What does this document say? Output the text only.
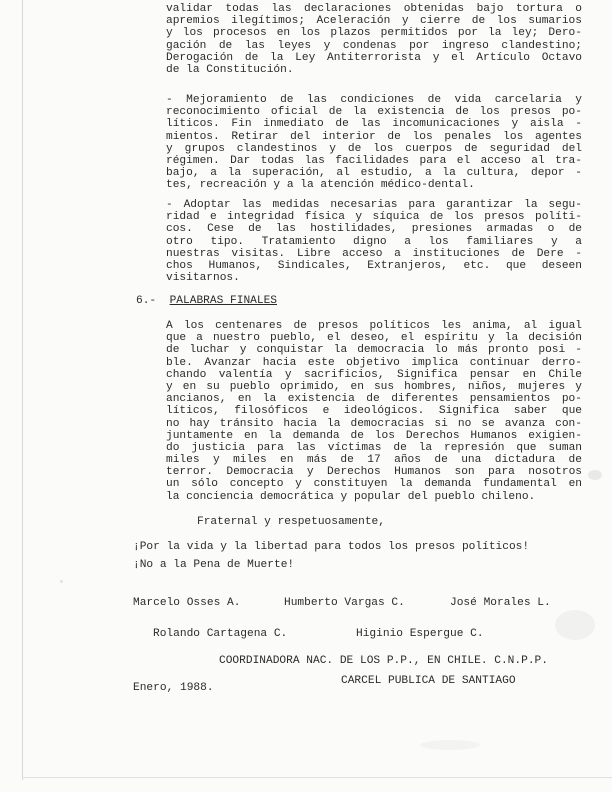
validar todas las declaraciones obtenidas bajo tortura o
apremios ilegítimos; Aceleración y cierre de los sumarios
y los procesos en los plazos permitidos por la ley; Dero-
gación de las leyes y condenas por ingreso clandestino;
Derogación de la Ley Antiterrorista y el Artículo Octavo
de la Constitución.
- Mejoramiento de las condiciones de vida carcelaria y
reconocimiento oficial de la existencia de los presos po-
líticos. Fin inmediato de las incomunicaciones y aisla -
mientos. Retirar del interior de los penales los agentes
y grupos clandestinos y de los cuerpos de seguridad del
régimen. Dar todas las facilidades para el acceso al tra-
bajo, a la superación, al estudio, a la cultura, depor -
tes, recreación y a la atención médico-dental.
- Adoptar las medidas necesarias para garantizar la segu-
ridad e integridad física y síquica de los presos políti-
cos. Cese de las hostilidades, presiones armadas o de
otro tipo. Tratamiento digno a los familiares y a
nuestras visitas. Libre acceso a instituciones de Dere -
chos Humanos, Sindicales, Extranjeros, etc. que deseen
visitarnos.
6.- PALABRAS FINALES
A los centenares de presos políticos les anima, al igual
que a nuestro pueblo, el deseo, el espíritu y la decisión
de luchar y conquistar la democracia lo más pronto posi -
ble. Avanzar hacia este objetivo implica continuar derro-
chando valentía y sacrificios, Significa pensar en Chile
y en su pueblo oprimido, en sus hombres, niños, mujeres y
ancianos, en la existencia de diferentes pensamientos po-
líticos, filosóficos e ideológicos. Significa saber que
no hay tránsito hacia la democracias si no se avanza con-
juntamente en la demanda de los Derechos Humanos exigien-
do justicia para las víctimas de la represión que suman
miles y miles en más de 17 años de una dictadura de
terror. Democracia y Derechos Humanos son para nosotros
un sólo concepto y constituyen la demanda fundamental en
la conciencia democrática y popular del pueblo chileno.
Fraternal y respetuosamente,
¡Por la vida y la libertad para todos los presos políticos!
¡No a la Pena de Muerte!
Marcelo Osses A.	Humberto Vargas C.	José Morales L.
Rolando Cartagena C.	Higinio Espergue C.
COORDINADORA NAC. DE LOS P.P., EN CHILE. C.N.P.P.
CARCEL PUBLICA DE SANTIAGO
Enero, 1988.
